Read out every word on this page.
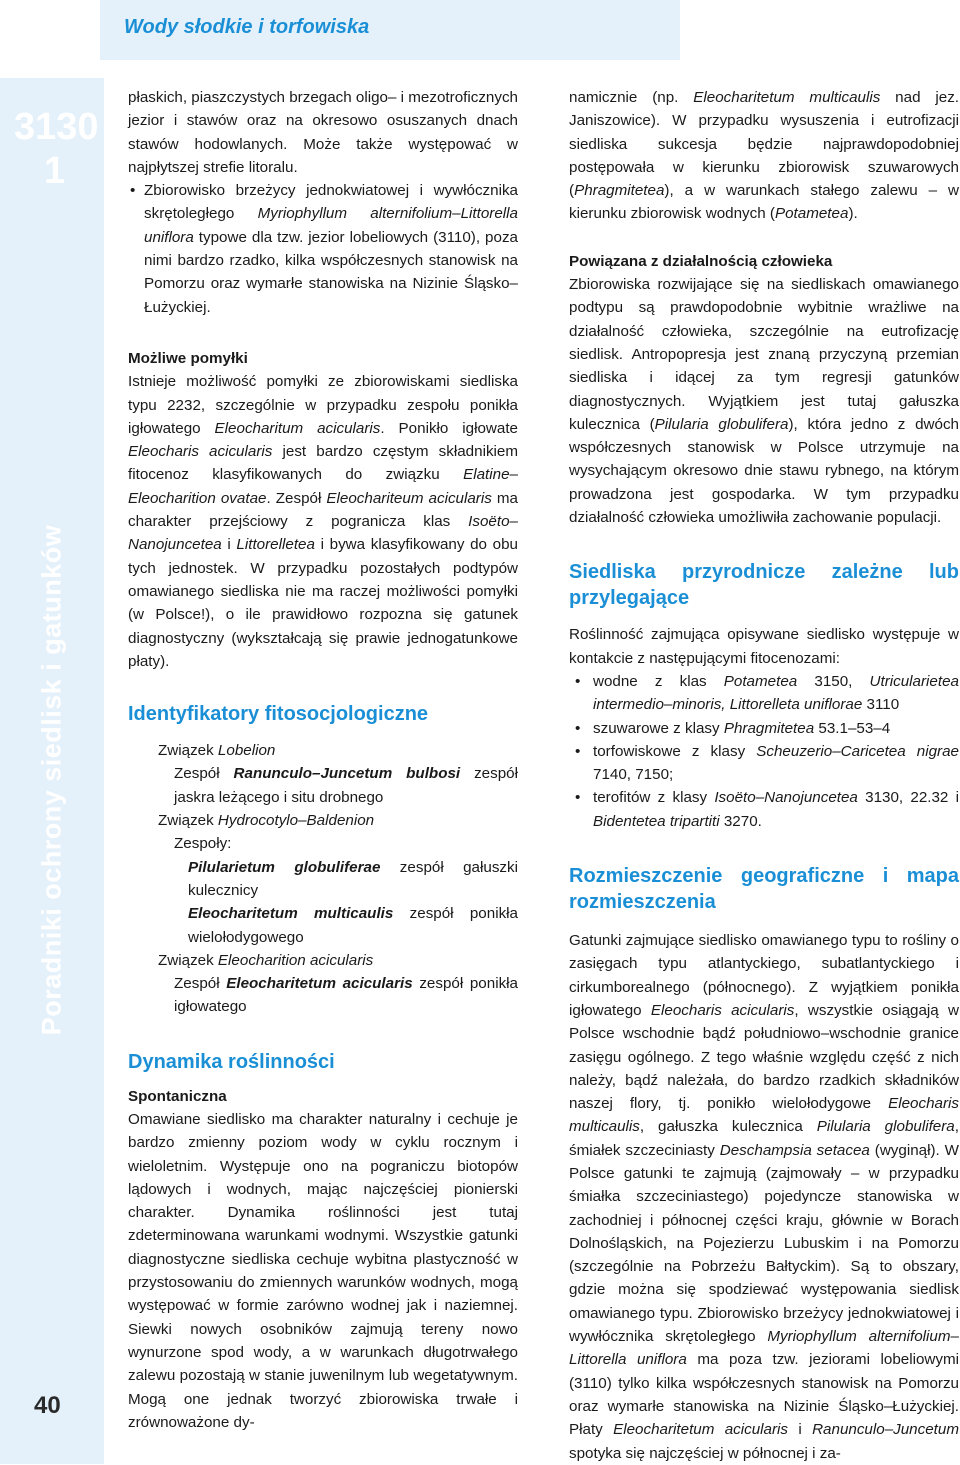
Wody słodkie i torfowiska
3130
1
Poradniki ochrony siedlisk i gatunków
40

płaskich, piaszczystych brzegach oligo– i mezotroficznych jezior i stawów oraz na okresowo osuszanych dnach stawów hodowlanych. Może także występować w najpłytszej strefie litoralu.

• Zbiorowisko brzeżycy jednokwiatowej i wywłócznika skrętoległego Myriophyllum alternifolium–Littorella uniflora typowe dla tzw. jezior lobeliowych (3110), poza nimi bardzo rzadko, kilka współczesnych stanowisk na Pomorzu oraz wymarłe stanowiska na Nizinie Śląsko–Łużyckiej.

Możliwe pomyłki

Istnieje możliwość pomyłki ze zbiorowiskami siedliska typu 2232, szczególnie w przypadku zespołu ponikła igłowatego Eleocharitum acicularis. Ponikło igłowate Eleocharis acicularis jest bardzo częstym składnikiem fitocenoz klasyfikowanych do związku Elatine–Eleocharition ovatae. Zespół Eleochariteum acicularis ma charakter przejściowy z pogranicza klas Isoëto–Nanojuncetea i Littorelletea i bywa klasyfikowany do obu tych jednostek. W przypadku pozostałych podtypów omawianego siedliska nie ma raczej możliwości pomyłki (w Polsce!), o ile prawidłowo rozpozna się gatunek diagnostyczny (wykształcają się prawie jednogatunkowe płaty).

Identyfikatory fitosocjologiczne

Związek Lobelion

Zespół Ranunculo–Juncetum bulbosi zespół jaskra leżącego i situ drobnego

Związek Hydrocotylo–Baldenion

Zespoły:

Pilularietum globuliferae zespół gałuszki kulecznicy

Eleocharitetum multicaulis zespół ponikła wielołodygowego

Związek Eleocharition acicularis

Zespół Eleocharitetum acicularis zespół ponikła igłowatego

Dynamika roślinności

Spontaniczna

Omawiane siedlisko ma charakter naturalny i cechuje je bardzo zmienny poziom wody w cyklu rocznym i wieloletnim. Występuje ono na pograniczu biotopów lądowych i wodnych, mając najczęściej pionierski charakter. Dynamika roślinności jest tutaj zdeterminowana warunkami wodnymi. Wszystkie gatunki diagnostyczne siedliska cechuje wybitna plastyczność w przystosowaniu do zmiennych warunków wodnych, mogą występować w formie zarówno wodnej jak i naziemnej. Siewki nowych osobników zajmują tereny nowo wynurzone spod wody, a w warunkach długotrwałego zalewu pozostają w stanie juwenilnym lub wegetatywnym. Mogą one jednak tworzyć zbiorowiska trwałe i zrównoważone dy-

namicznie (np. Eleocharitetum multicaulis nad jez. Janiszowice). W przypadku wysuszenia i eutrofizacji siedliska sukcesja będzie najprawdopodobniej postępowała w kierunku zbiorowisk szuwarowych (Phragmitetea), a w warunkach stałego zalewu – w kierunku zbiorowisk wodnych (Potametea).

Powiązana z działalnością człowieka

Zbiorowiska rozwijające się na siedliskach omawianego podtypu są prawdopodobnie wybitnie wrażliwe na działalność człowieka, szczególnie na eutrofizację siedlisk. Antropopresja jest znaną przyczyną przemian siedliska i idącej za tym regresji gatunków diagnostycznych. Wyjątkiem jest tutaj gałuszka kulecznica (Pilularia globulifera), która jedno z dwóch współczesnych stanowisk w Polsce utrzymuje na wysychającym okresowo dnie stawu rybnego, na którym prowadzona jest gospodarka. W tym przypadku działalność człowieka umożliwiła zachowanie populacji.

Siedliska przyrodnicze zależne lub przylegające

Roślinność zajmująca opisywane siedlisko występuje w kontakcie z następującymi fitocenozami:

• wodne z klas Potametea 3150, Utricularietea intermedio–minoris, Littorelleta uniflorae 3110
• szuwarowe z klasy Phragmitetea 53.1–53–4
• torfowiskowe z klasy Scheuzerio–Caricetea nigrae 7140, 7150;
• terofitów z klasy Isoëto–Nanojuncetea 3130, 22.32 i Bidentetea tripartiti 3270.

Rozmieszczenie geograficzne i mapa rozmieszczenia

Gatunki zajmujące siedlisko omawianego typu to rośliny o zasięgach typu atlantyckiego, subatlantyckiego i cirkumborealnego (północnego). Z wyjątkiem ponikła igłowatego Eleocharis acicularis, wszystkie osiągają w Polsce wschodnie bądź południowo–wschodnie granice zasięgu ogólnego. Z tego właśnie względu część z nich należy, bądź należała, do bardzo rzadkich składników naszej flory, tj. ponikło wielołodygowe Eleocharis multicaulis, gałuszka kulecznica Pilularia globulifera, śmiałek szczeciniasty Deschampsia setacea (wyginął). W Polsce gatunki te zajmują (zajmowały – w przypadku śmiałka szczeciniastego) pojedyncze stanowiska w zachodniej i północnej części kraju, głównie w Borach Dolnośląskich, na Pojezierzu Lubuskim i na Pomorzu (szczególnie na Pobrzeżu Bałtyckim). Są to obszary, gdzie można się spodziewać występowania siedlisk omawianego typu. Zbiorowisko brzeżycy jednokwiatowej i wywłócznika skrętoległego Myriophyllum alternifolium–Littorella uniflora ma poza tzw. jeziorami lobeliowymi (3110) tylko kilka współczesnych stanowisk na Pomorzu oraz wymarłe stanowiska na Nizinie Śląsko–Łużyckiej. Płaty Eleocharitetum acicularis i Ranunculo–Juncetum spotyka się najczęściej w północnej i za-
